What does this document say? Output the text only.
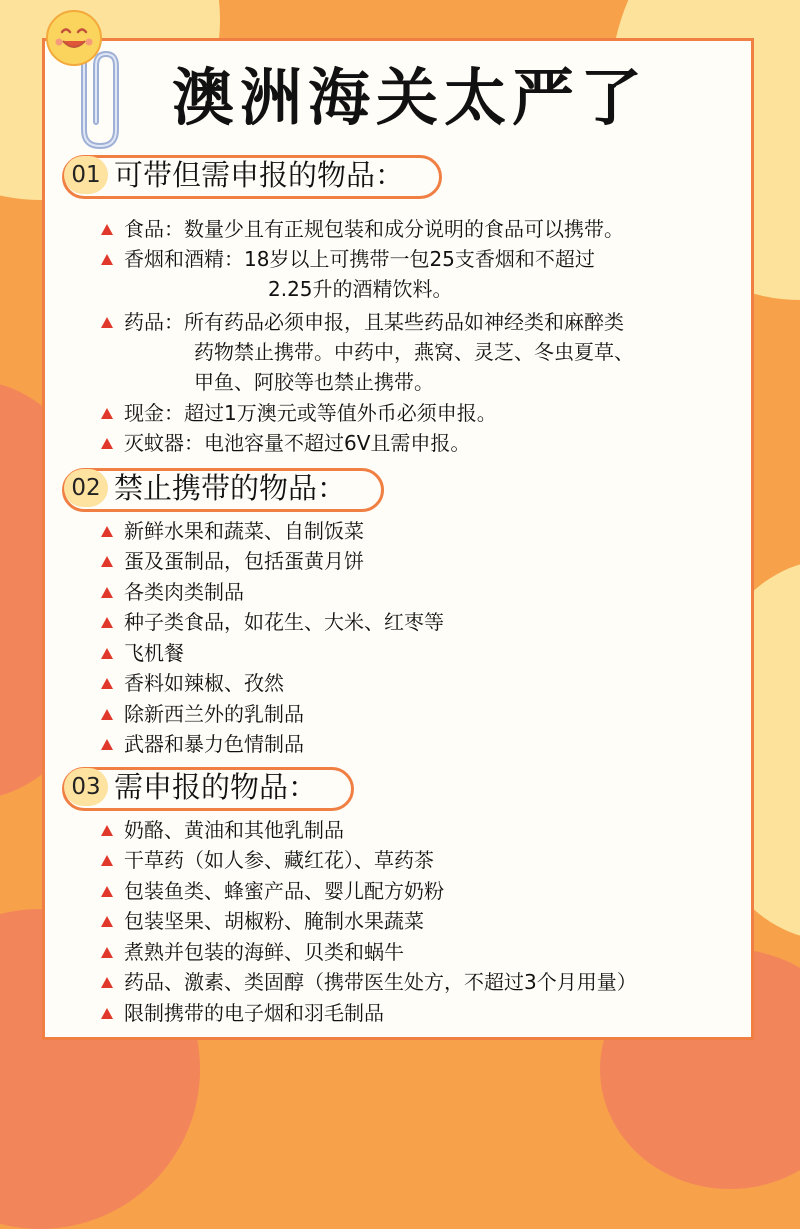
澳洲海关太严了
01 可带但需申报的物品：
食品：数量少且有正规包装和成分说明的食品可以携带。
香烟和酒精：18岁以上可携带一包25支香烟和不超过
2.25升的酒精饮料。
药品：所有药品必须申报，且某些药品如神经类和麻醉类
药物禁止携带。中药中，燕窝、灵芝、冬虫夏草、
甲鱼、阿胶等也禁止携带。
现金：超过1万澳元或等值外币必须申报。
灭蚊器：电池容量不超过6V且需申报。
02 禁止携带的物品：
新鲜水果和蔬菜、自制饭菜
蛋及蛋制品，包括蛋黄月饼
各类肉类制品
种子类食品，如花生、大米、红枣等
飞机餐
香料如辣椒、孜然
除新西兰外的乳制品
武器和暴力色情制品
03 需申报的物品：
奶酪、黄油和其他乳制品
干草药（如人参、藏红花）、草药茶
包装鱼类、蜂蜜产品、婴儿配方奶粉
包装坚果、胡椒粉、腌制水果蔬菜
煮熟并包装的海鲜、贝类和蜗牛
药品、激素、类固醇（携带医生处方，不超过3个月用量）
限制携带的电子烟和羽毛制品
